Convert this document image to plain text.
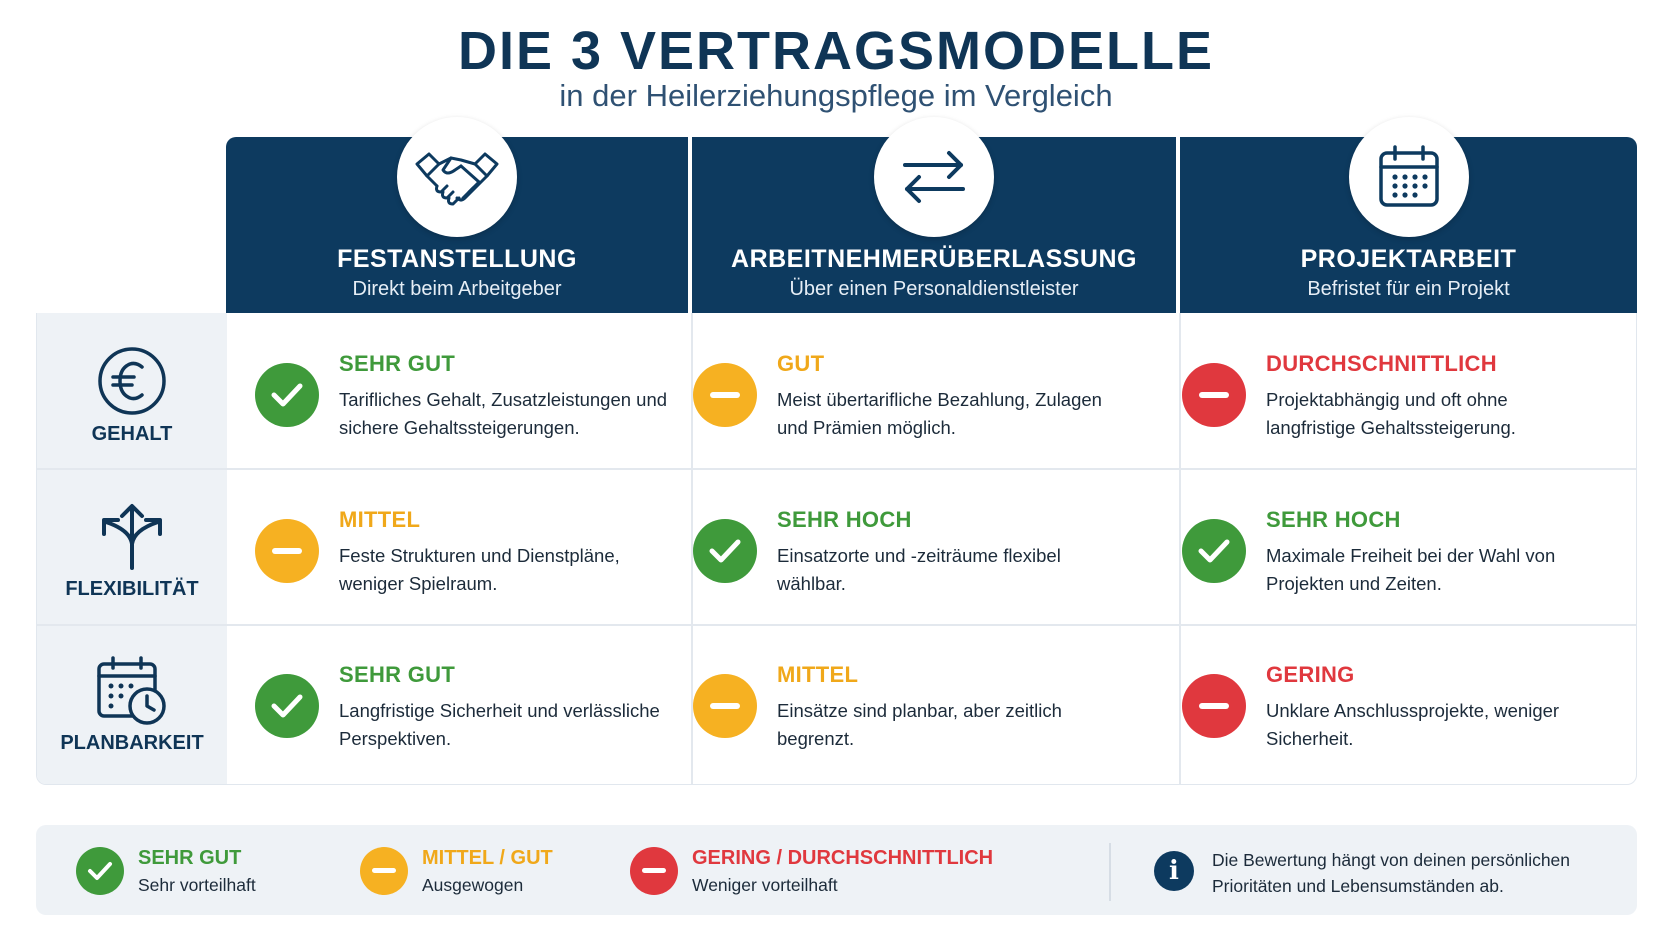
DIE 3 VERTRAGSMODELLE
in der Heilerziehungspflege im Vergleich
FESTANSTELLUNG
Direkt beim Arbeitgeber
ARBEITNEHMERÜBERLASSUNG
Über einen Personaldienstleister
PROJEKTARBEIT
Befristet für ein Projekt
GEHALT
FLEXIBILITÄT
PLANBARKEIT
SEHR GUT
Tarifliches Gehalt, Zusatzleistungen und sichere Gehaltssteigerungen.
GUT
Meist übertarifliche Bezahlung, Zulagen und Prämien möglich.
DURCHSCHNITTLICH
Projektabhängig und oft ohne langfristige Gehaltssteigerung.
MITTEL
Feste Strukturen und Dienstpläne, weniger Spielraum.
SEHR HOCH
Einsatzorte und -zeiträume flexibel wählbar.
SEHR HOCH
Maximale Freiheit bei der Wahl von Projekten und Zeiten.
SEHR GUT
Langfristige Sicherheit und verlässliche Perspektiven.
MITTEL
Einsätze sind planbar, aber zeitlich begrenzt.
GERING
Unklare Anschlussprojekte, weniger Sicherheit.
SEHR GUT
Sehr vorteilhaft
MITTEL / GUT
Ausgewogen
GERING / DURCHSCHNITTLICH
Weniger vorteilhaft	i	Die Bewertung hängt von deinen persönlichen Prioritäten und Lebensumständen ab.
